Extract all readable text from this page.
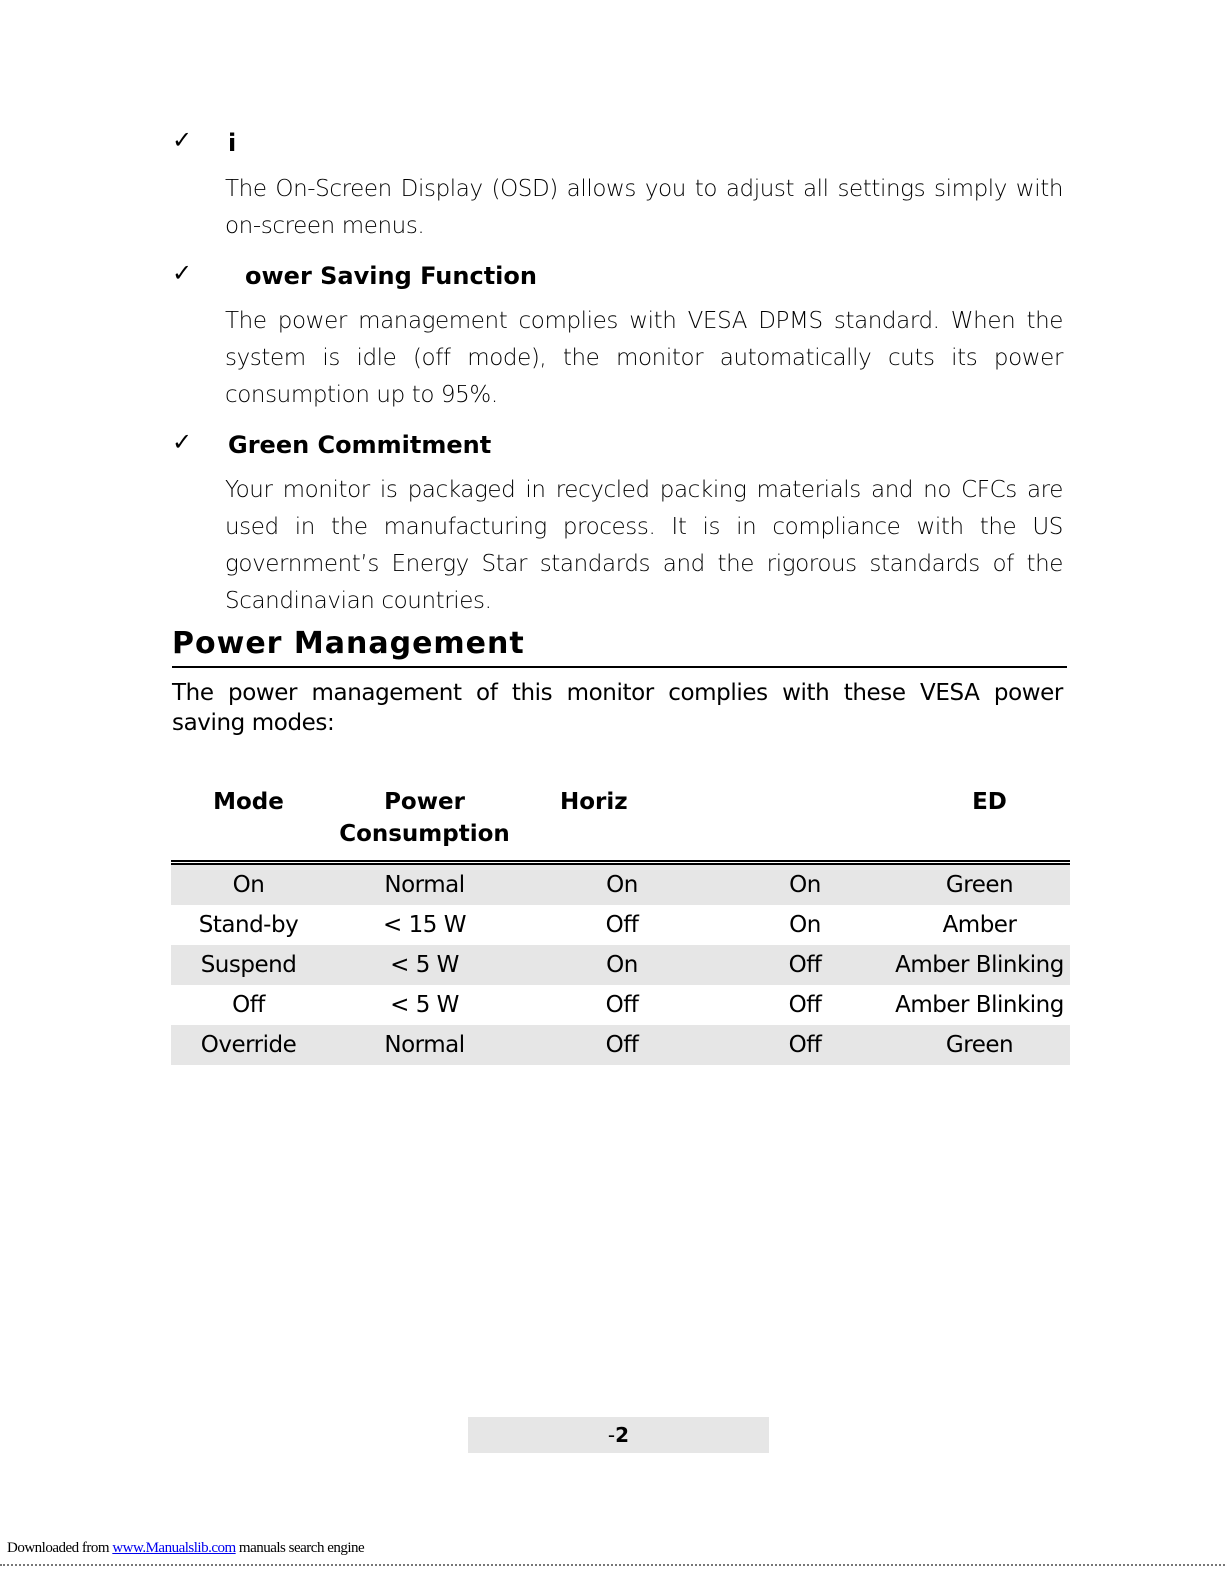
✓ i
The On-Screen Display (OSD) allows you to adjust all settings simply with on-screen menus.
✓ ower Saving Function
The power management complies with VESA DPMS standard. When the system is idle (off mode), the monitor automatically cuts its power consumption up to 95%.
✓ Green Commitment
Your monitor is packaged in recycled packing materials and no CFCs are used in the manufacturing process. It is in compliance with the US government’s Energy Star standards and the rigorous standards of the Scandinavian countries.
Power Management
The power management of this monitor complies with these VESA power saving modes:
Mode	Power Consumption	Horiz		ED
On	Normal	On	On	Green
Stand-by	< 15 W	Off	On	Amber
Suspend	< 5 W	On	Off	Amber Blinking
Off	< 5 W	Off	Off	Amber Blinking
Override	Normal	Off	Off	Green
-2
Downloaded from www.Manualslib.com manuals search engine
